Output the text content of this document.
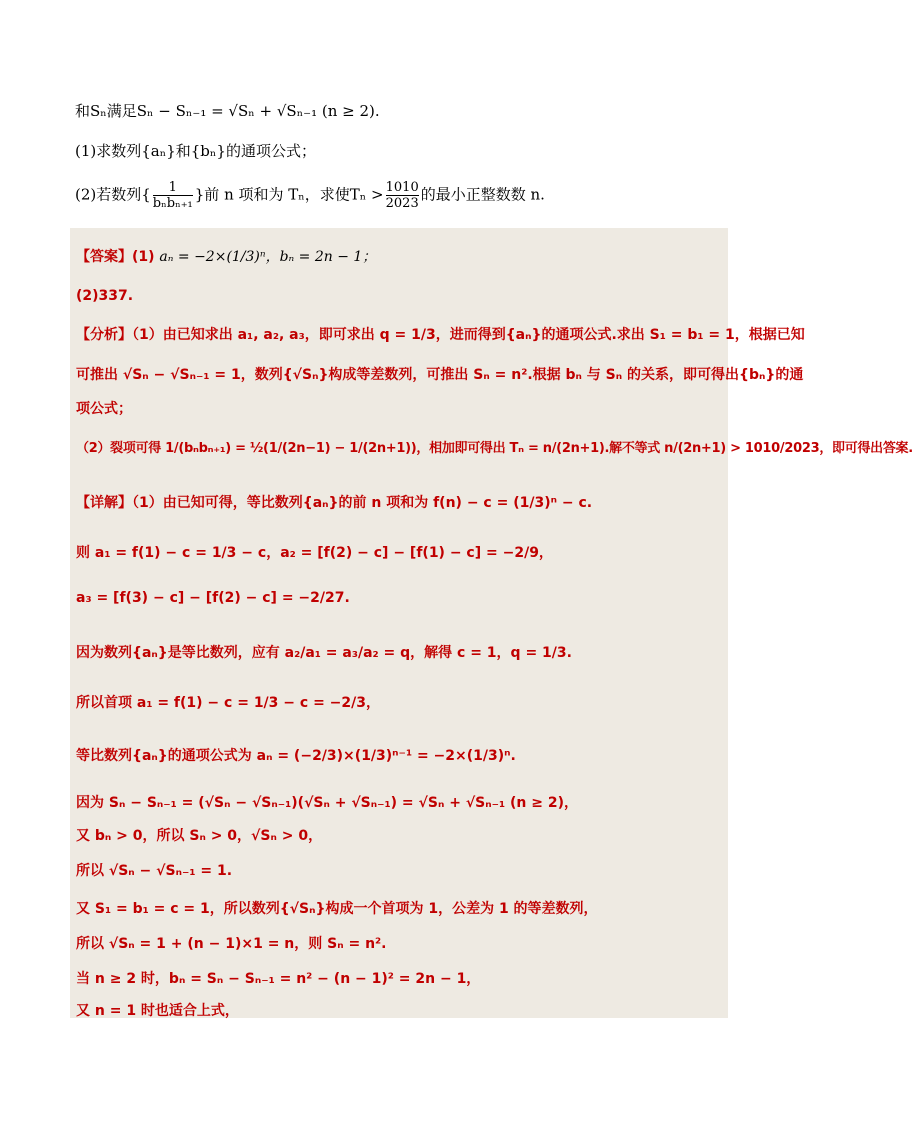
和Sₙ满足Sₙ − Sₙ₋₁ = √Sₙ + √Sₙ₋₁ (n ≥ 2).
(1)求数列{aₙ}和{bₙ}的通项公式；
(2)若数列{ $\frac{1}{\text{bₙbₙ₊₁}}$ }前 n 项和为 Tₙ，求使$T_n > \frac{1010}{2023}$ 的最小正整数数 n.
【答案】(1) aₙ = −2×(1/3)ⁿ，bₙ = 2n − 1；
(2)337.
【分析】（1）由已知求出 a₁, a₂, a₃，即可求出 q = 1/3，进而得到{aₙ}的通项公式.求出 S₁ = b₁ = 1，根据已知
可推出 √Sₙ − √Sₙ₋₁ = 1，数列{√Sₙ}构成等差数列，可推出 Sₙ = n².根据 bₙ 与 Sₙ 的关系，即可得出{bₙ}的通
项公式；
（2）裂项可得 1/(bₙbₙ₊₁) = ½(1/(2n−1) − 1/(2n+1))，相加即可得出 Tₙ = n/(2n+1).解不等式 n/(2n+1) > 1010/2023，即可得出答案.
【详解】（1）由已知可得，等比数列{aₙ}的前 n 项和为 f(n) − c = (1/3)ⁿ − c.
则 a₁ = f(1) − c = 1/3 − c，a₂ = [f(2) − c] − [f(1) − c] = −2/9，
a₃ = [f(3) − c] − [f(2) − c] = −2/27.
因为数列{aₙ}是等比数列，应有 a₂/a₁ = a₃/a₂ = q，解得 c = 1，q = 1/3.
所以首项 a₁ = f(1) − c = 1/3 − c = −2/3，
等比数列{aₙ}的通项公式为 aₙ = (−2/3)×(1/3)ⁿ⁻¹ = −2×(1/3)ⁿ.
因为 Sₙ − Sₙ₋₁ = (√Sₙ − √Sₙ₋₁)(√Sₙ + √Sₙ₋₁) = √Sₙ + √Sₙ₋₁ (n ≥ 2)，
又 bₙ > 0，所以 Sₙ > 0，√Sₙ > 0，
所以 √Sₙ − √Sₙ₋₁ = 1.
又 S₁ = b₁ = c = 1，所以数列{√Sₙ}构成一个首项为 1，公差为 1 的等差数列，
所以 √Sₙ = 1 + (n − 1)×1 = n，则 Sₙ = n².
当 n ≥ 2 时，bₙ = Sₙ − Sₙ₋₁ = n² − (n − 1)² = 2n − 1，
又 n = 1 时也适合上式，
